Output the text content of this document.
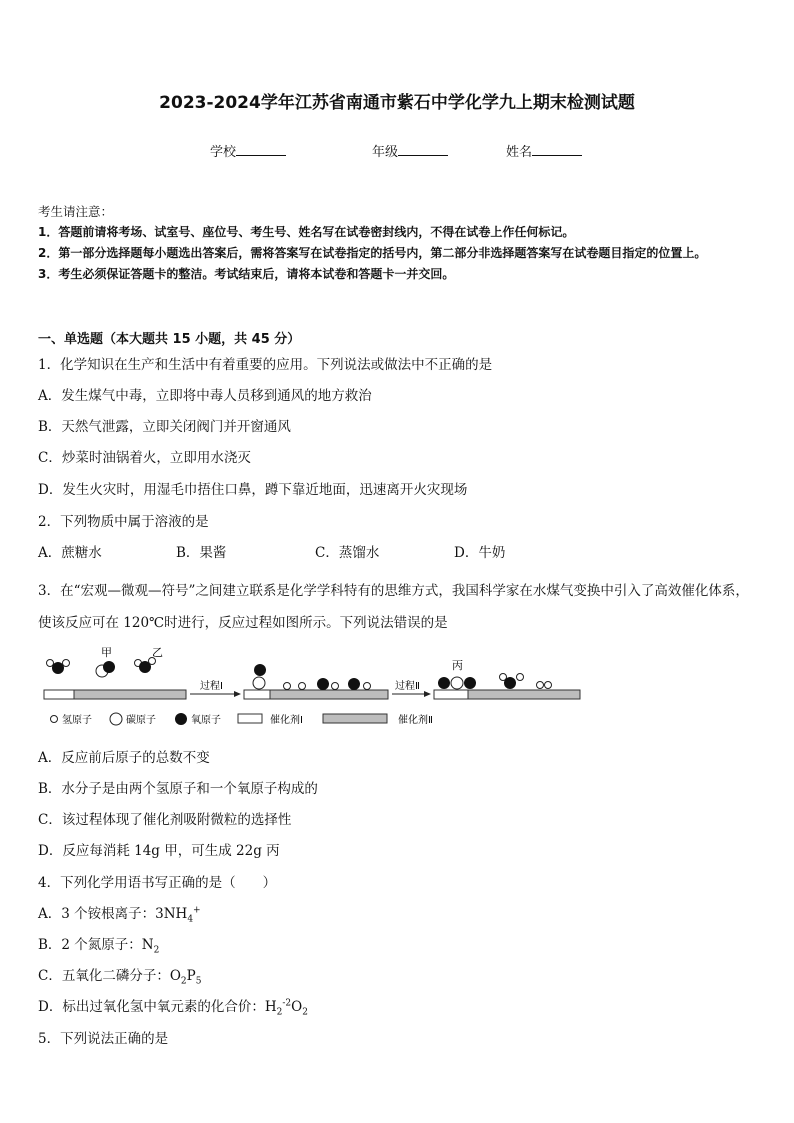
2023-2024学年江苏省南通市紫石中学化学九上期末检测试题
学校	年级	姓名
考生请注意：
1．答题前请将考场、试室号、座位号、考生号、姓名写在试卷密封线内，不得在试卷上作任何标记。
2．第一部分选择题每小题选出答案后，需将答案写在试卷指定的括号内，第二部分非选择题答案写在试卷题目指定的位置上。
3．考生必须保证答题卡的整洁。考试结束后，请将本试卷和答题卡一并交回。
一、单选题（本大题共 15 小题，共 45 分）
1．化学知识在生产和生活中有着重要的应用。下列说法或做法中不正确的是
A．发生煤气中毒，立即将中毒人员移到通风的地方救治
B．天然气泄露，立即关闭阀门并开窗通风
C．炒菜时油锅着火，立即用水浇灭
D．发生火灾时，用湿毛巾捂住口鼻，蹲下靠近地面，迅速离开火灾现场
2．下列物质中属于溶液的是
A．蔗糖水	B．果酱	C．蒸馏水	D．牛奶
3．在“宏观—微观—符号”之间建立联系是化学学科特有的思维方式，我国科学家在水煤气变换中引入了高效催化体系，
使该反应可在 120℃时进行，反应过程如图所示。下列说法错误的是
甲	乙
过程Ⅰ	过程Ⅱ
丙
氢原子	碳原子	氧原子	催化剂Ⅰ	催化剂Ⅱ
A．反应前后原子的总数不变
B．水分子是由两个氢原子和一个氧原子构成的
C．该过程体现了催化剂吸附微粒的选择性
D．反应每消耗 14g 甲，可生成 22g 丙
4．下列化学用语书写正确的是（　　）
A．3 个铵根离子：$3NH_4^+$
B．2 个氮原子：$N_2$
C．五氧化二磷分子：$O_2P_5$
D．标出过氧化氢中氧元素的化合价：$H_2^{-2}O_2$
5．下列说法正确的是
